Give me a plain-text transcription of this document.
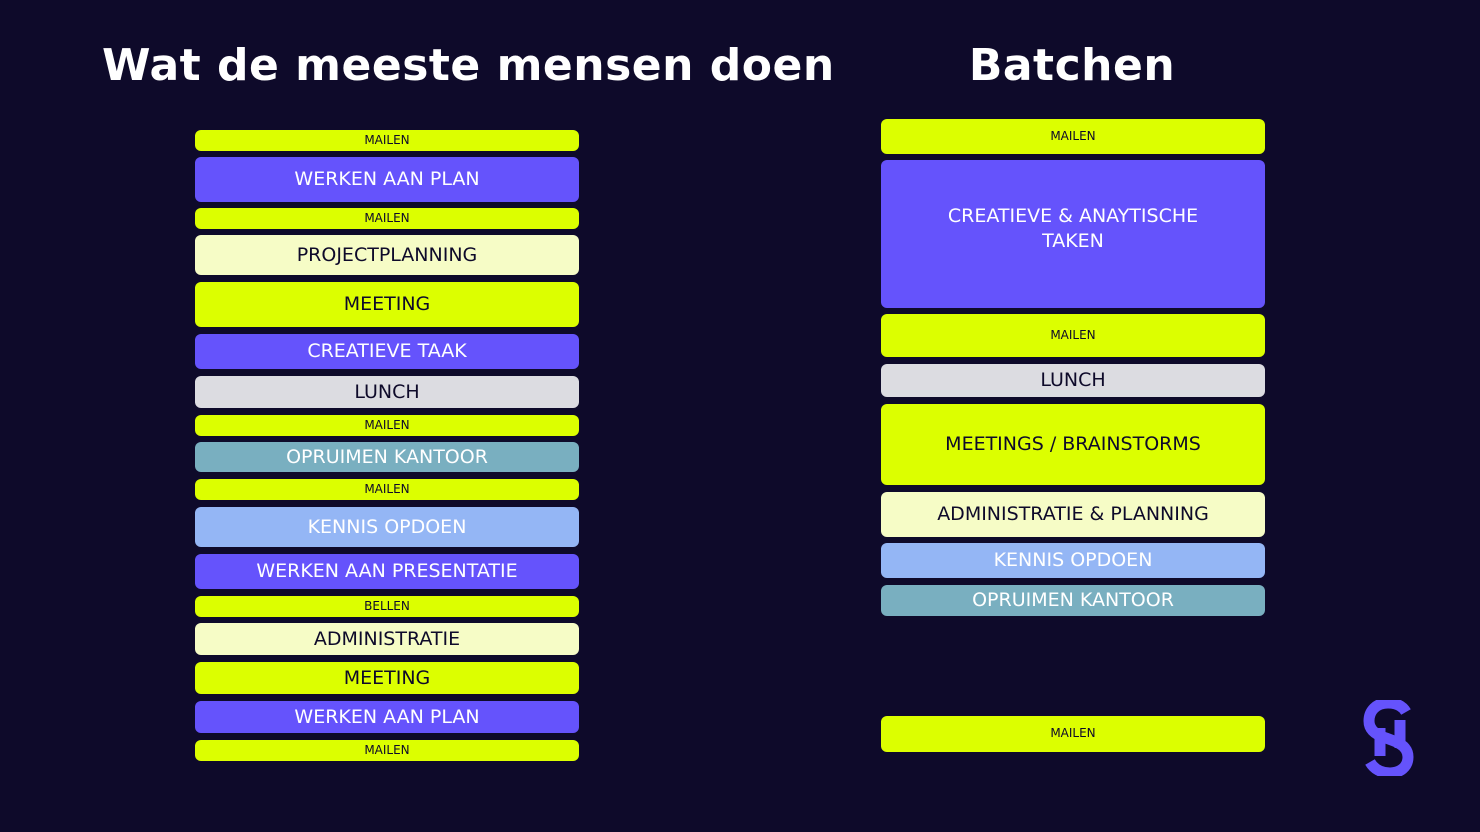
Wat de meeste mensen doen	Batchen
MAILEN
WERKEN AAN PLAN
MAILEN
PROJECTPLANNING
MEETING
CREATIEVE TAAK
LUNCH
MAILEN
OPRUIMEN KANTOOR
MAILEN
KENNIS OPDOEN
WERKEN AAN PRESENTATIE
BELLEN
ADMINISTRATIE
MEETING
WERKEN AAN PLAN
MAILEN
MAILEN
CREATIEVE & ANAYTISCHE
TAKEN
MAILEN
LUNCH
MEETINGS / BRAINSTORMS
ADMINISTRATIE & PLANNING
KENNIS OPDOEN
OPRUIMEN KANTOOR
MAILEN
